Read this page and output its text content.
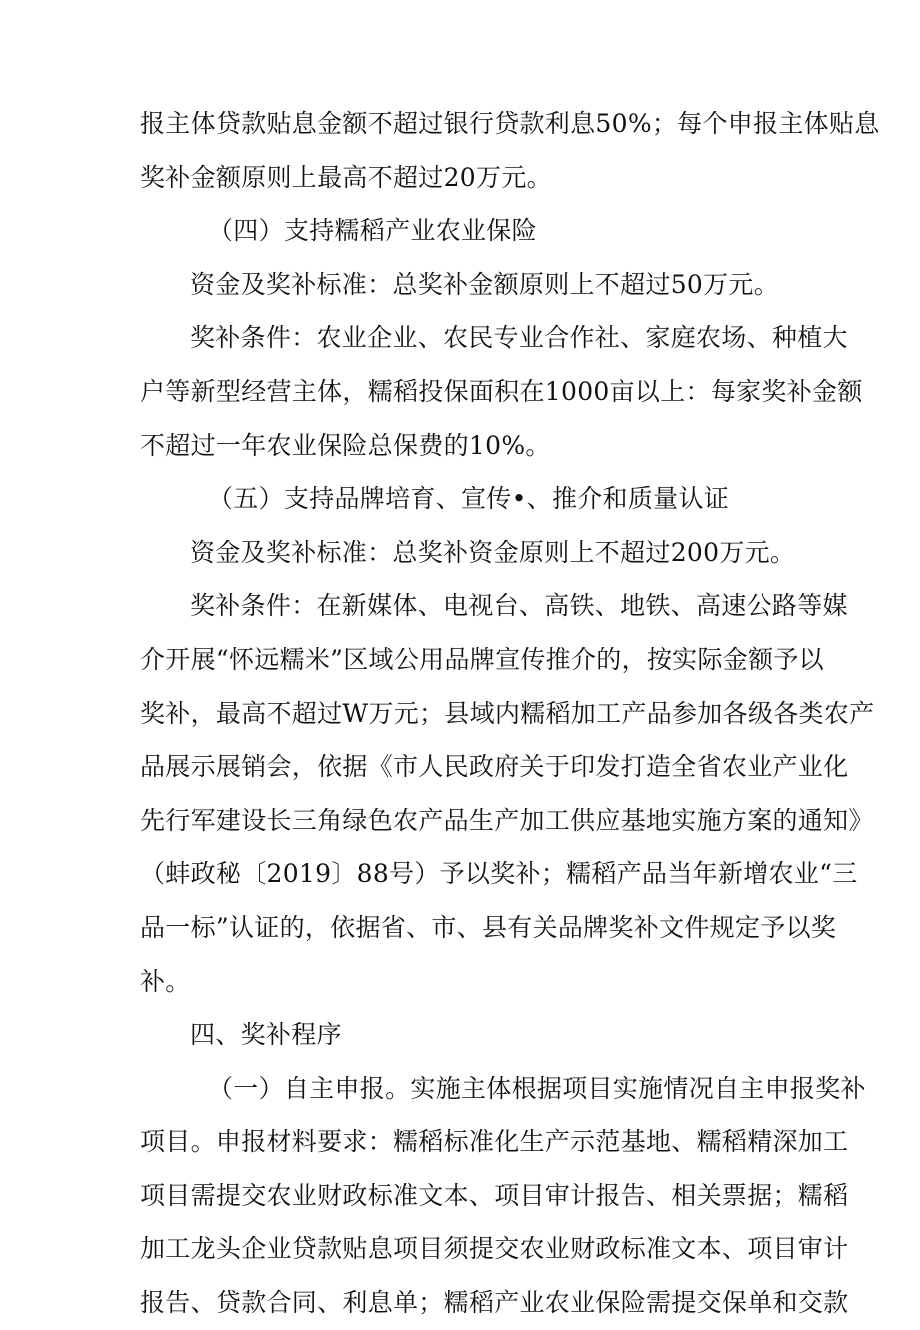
报主体贷款贴息金额不超过银行贷款利息50%；每个申报主体贴息
奖补金额原则上最高不超过20万元。
（四）支持糯稻产业农业保险
资金及奖补标准：总奖补金额原则上不超过50万元。
奖补条件：农业企业、农民专业合作社、家庭农场、种植大
户等新型经营主体，糯稻投保面积在1000亩以上：每家奖补金额
不超过一年农业保险总保费的10%。
（五）支持品牌培育、宣传•、推介和质量认证
资金及奖补标准：总奖补资金原则上不超过200万元。
奖补条件：在新媒体、电视台、高铁、地铁、高速公路等媒
介开展“怀远糯米”区域公用品牌宣传推介的，按实际金额予以
奖补，最高不超过W万元；县域内糯稻加工产品参加各级各类农产
品展示展销会，依据《市人民政府关于印发打造全省农业产业化
先行军建设长三角绿色农产品生产加工供应基地实施方案的通知》
（蚌政秘〔2019〕88号）予以奖补；糯稻产品当年新增农业“三
品一标”认证的，依据省、市、县有关品牌奖补文件规定予以奖
补。
四、奖补程序
（一）自主申报。实施主体根据项目实施情况自主申报奖补
项目。申报材料要求：糯稻标准化生产示范基地、糯稻精深加工
项目需提交农业财政标准文本、项目审计报告、相关票据；糯稻
加工龙头企业贷款贴息项目须提交农业财政标准文本、项目审计
报告、贷款合同、利息单；糯稻产业农业保险需提交保单和交款
